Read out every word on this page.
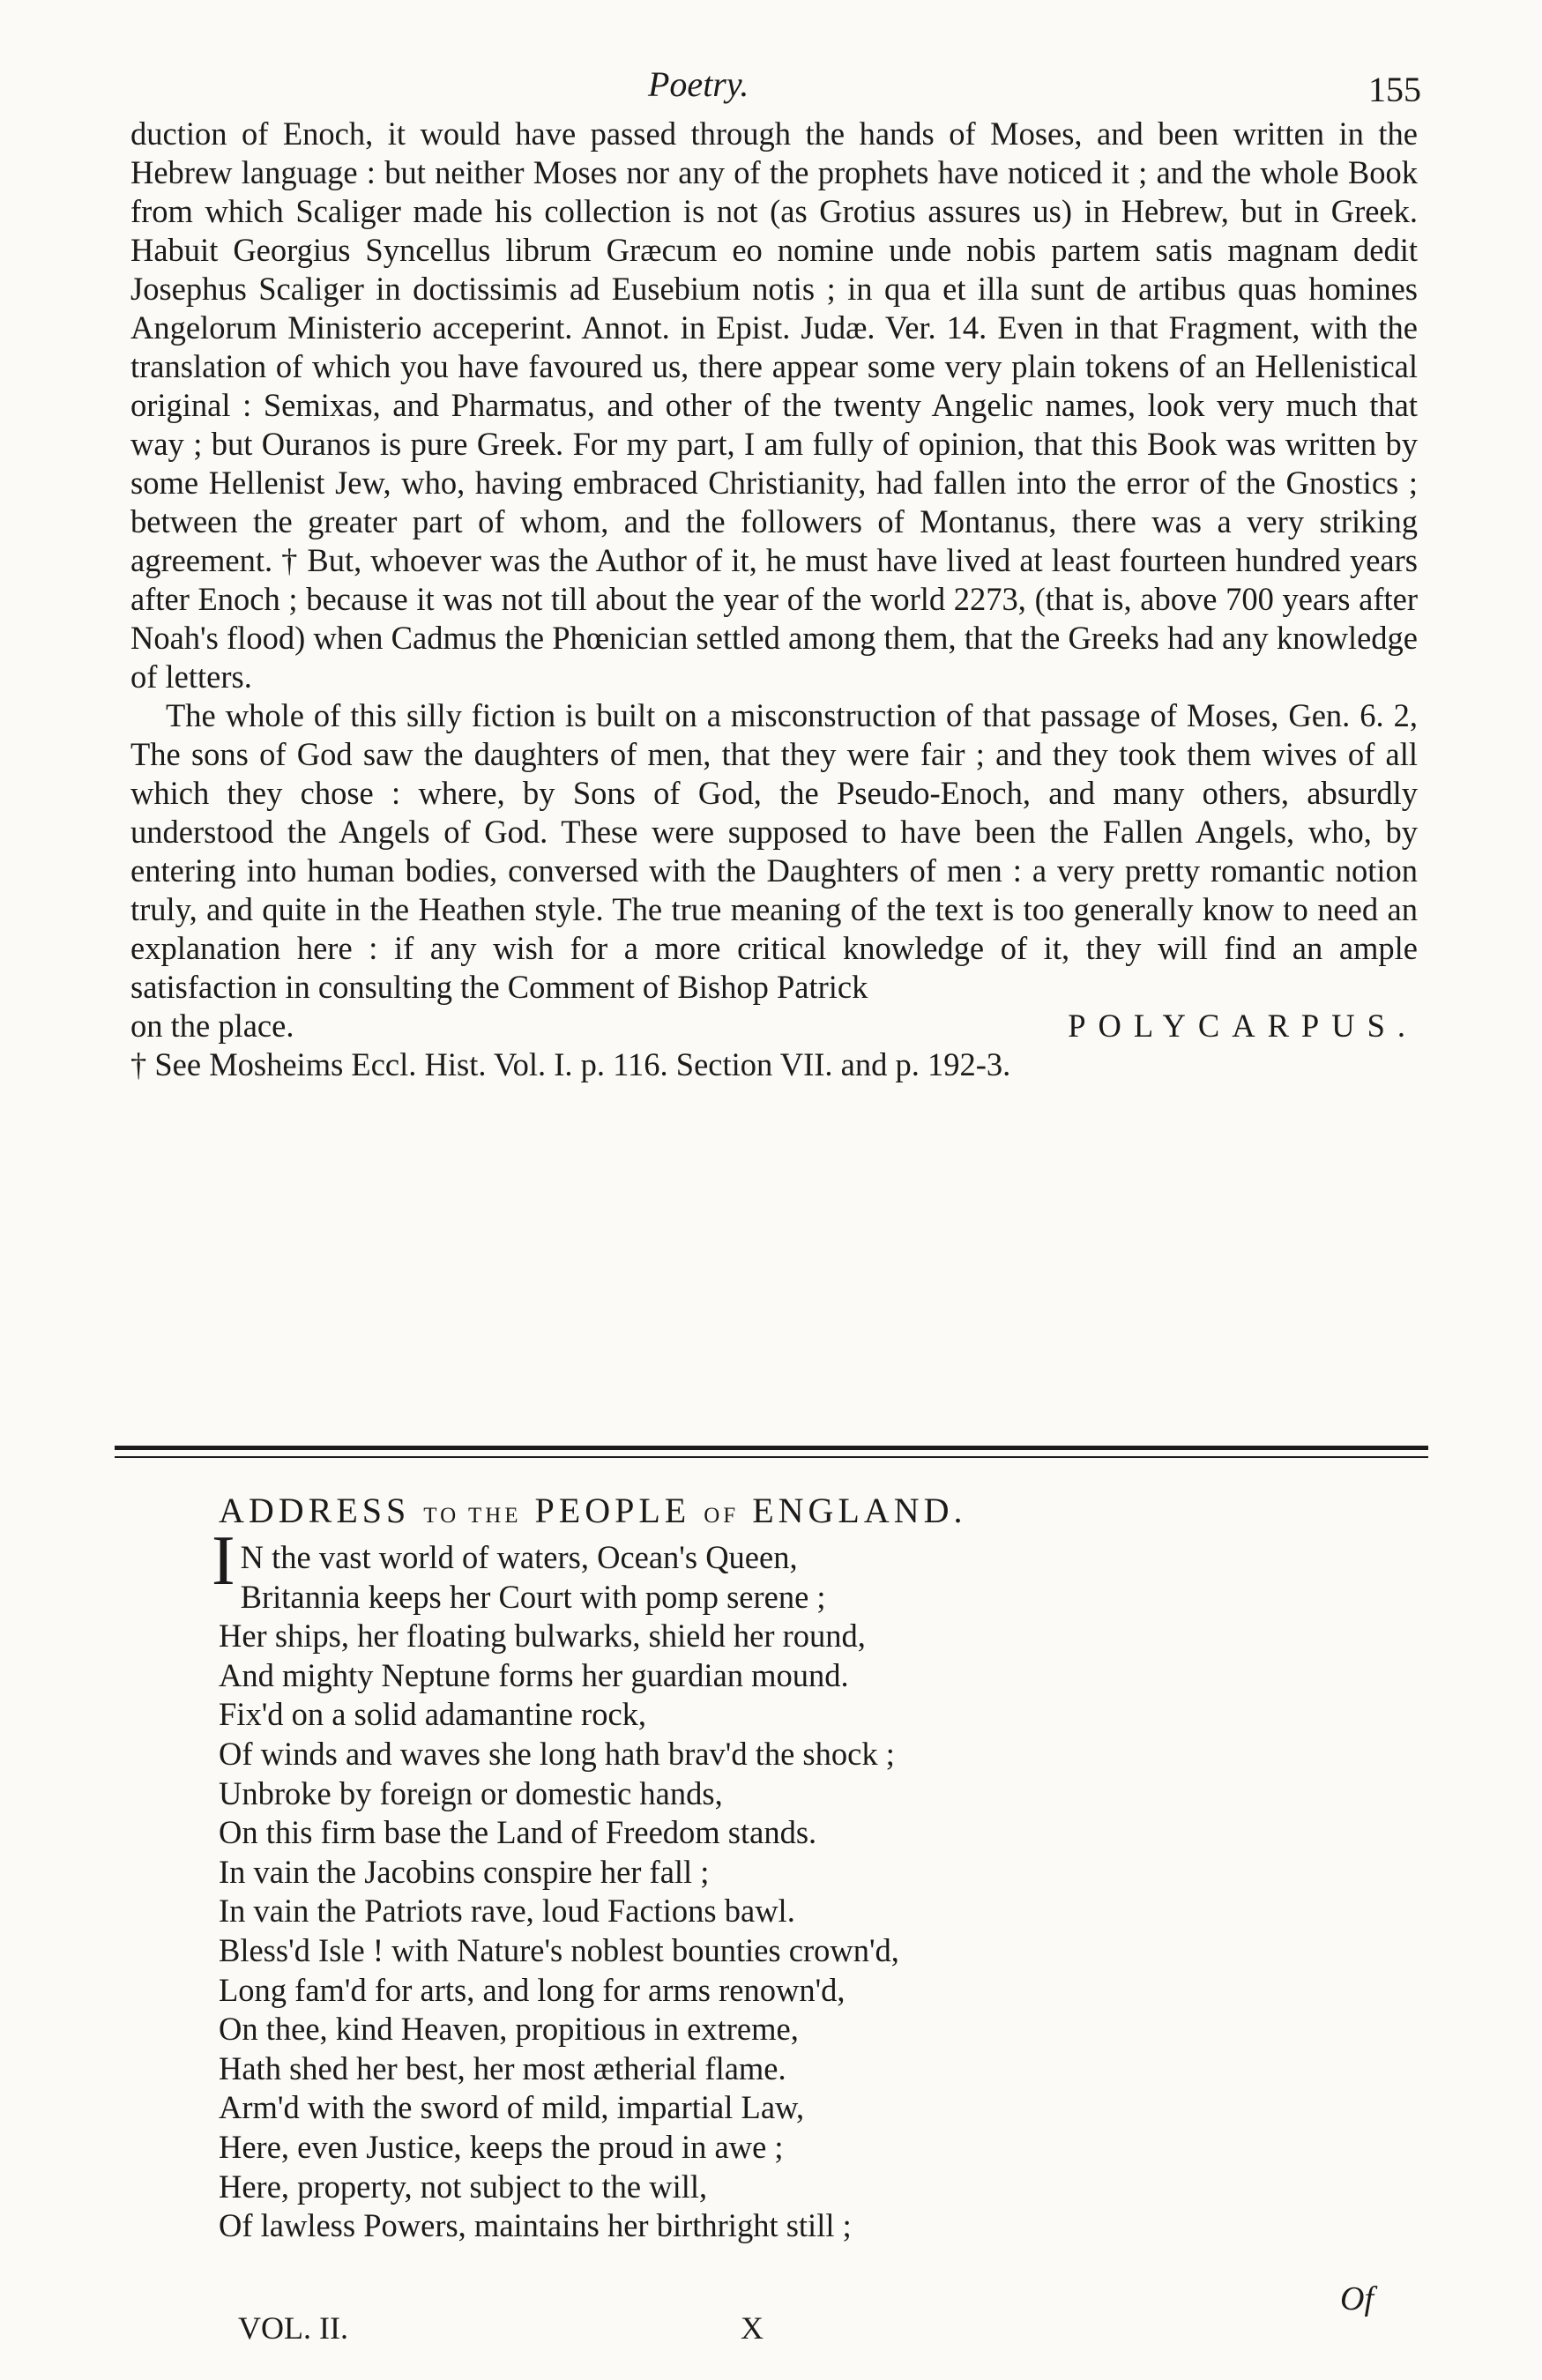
Poetry.	155

duction of Enoch, it would have passed through the hands of Moses, and been written in the Hebrew language : but neither Moses nor any of the prophets have noticed it ; and the whole Book from which Scaliger made his collection is not (as Grotius assures us) in Hebrew, but in Greek. Habuit Georgius Syncellus librum Græcum eo nomine unde nobis partem satis magnam dedit Josephus Scaliger in doctissimis ad Eusebium notis ; in qua et illa sunt de artibus quas homines Angelorum Ministerio acceperint. Annot. in Epist. Judæ. Ver. 14. Even in that Fragment, with the translation of which you have favoured us, there appear some very plain tokens of an Hellenistical original : Semixas, and Pharmatus, and other of the twenty Angelic names, look very much that way ; but Ouranos is pure Greek. For my part, I am fully of opinion, that this Book was written by some Hellenist Jew, who, having embraced Christianity, had fallen into the error of the Gnostics ; between the greater part of whom, and the followers of Montanus, there was a very striking agreement. † But, whoever was the Author of it, he must have lived at least fourteen hundred years after Enoch ; because it was not till about the year of the world 2273, (that is, above 700 years after Noah's flood) when Cadmus the Phœnician settled among them, that the Greeks had any knowledge of letters.

The whole of this silly fiction is built on a misconstruction of that passage of Moses, Gen. 6. 2, The sons of God saw the daughters of men, that they were fair ; and they took them wives of all which they chose : where, by Sons of God, the Pseudo-Enoch, and many others, absurdly understood the Angels of God. These were supposed to have been the Fallen Angels, who, by entering into human bodies, conversed with the Daughters of men : a very pretty romantic notion truly, and quite in the Heathen style. The true meaning of the text is too generally know to need an explanation here : if any wish for a more critical knowledge of it, they will find an ample satisfaction in consulting the Comment of Bishop Patrick

on the place.	POLYCARPUS.

† See Mosheims Eccl. Hist. Vol. I. p. 116. Section VII. and p. 192-3.

ADDRESS TO THE PEOPLE OF ENGLAND.
IN the vast world of waters, Ocean's Queen,
Britannia keeps her Court with pomp serene ;
Her ships, her floating bulwarks, shield her round,
And mighty Neptune forms her guardian mound.
Fix'd on a solid adamantine rock,
Of winds and waves she long hath brav'd the shock ;
Unbroke by foreign or domestic hands,
On this firm base the Land of Freedom stands.
In vain the Jacobins conspire her fall ;
In vain the Patriots rave, loud Factions bawl.
Bless'd Isle ! with Nature's noblest bounties crown'd,
Long fam'd for arts, and long for arms renown'd,
On thee, kind Heaven, propitious in extreme,
Hath shed her best, her most ætherial flame.
Arm'd with the sword of mild, impartial Law,
Here, even Justice, keeps the proud in awe ;
Here, property, not subject to the will,
Of lawless Powers, maintains her birthright still ;
VOL. II.	X
Of
